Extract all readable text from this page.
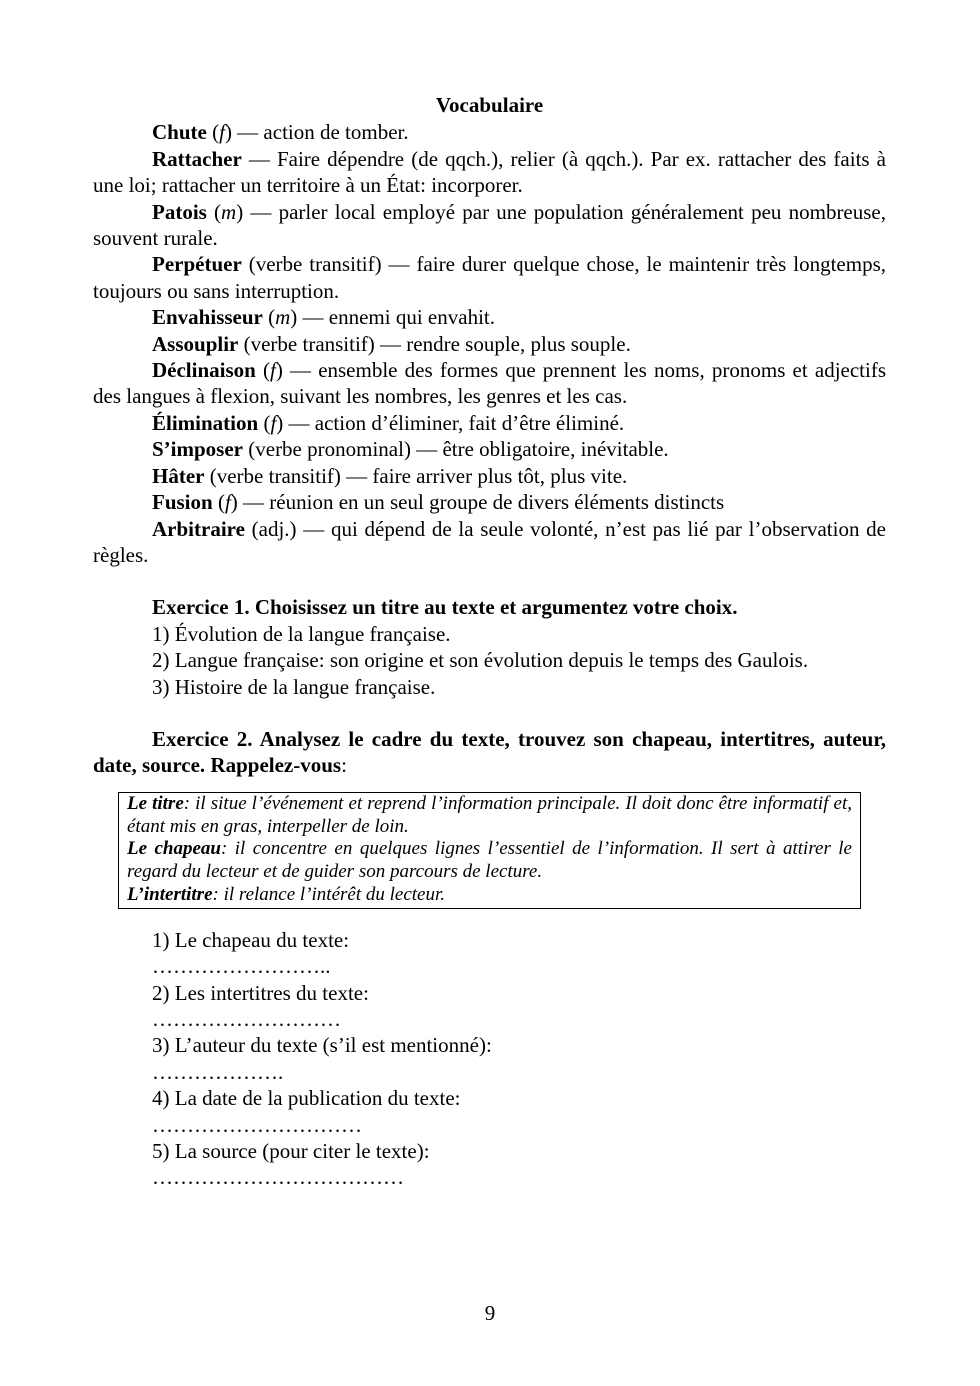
Vocabulaire

Chute (f) — action de tomber.

Rattacher — Faire dépendre (de qqch.), relier (à qqch.). Par ex. rattacher des faits à une loi; rattacher un territoire à un État: incorporer.

Patois (m) — parler local employé par une population généralement peu nombreuse, souvent rurale.

Perpétuer (verbe transitif) — faire durer quelque chose, le maintenir très longtemps, toujours ou sans interruption.

Envahisseur (m) — ennemi qui envahit.

Assouplir (verbe transitif) — rendre souple, plus souple.

Déclinaison (f) — ensemble des formes que prennent les noms, pronoms et adjectifs des langues à flexion, suivant les nombres, les genres et les cas.

Élimination (f) — action d’éliminer, fait d’être éliminé.

S’imposer (verbe pronominal) — être obligatoire, inévitable.

Hâter (verbe transitif) — faire arriver plus tôt, plus vite.

Fusion (f) — réunion en un seul groupe de divers éléments distincts

Arbitraire (adj.) — qui dépend de la seule volonté, n’est pas lié par l’observation de règles.

Exercice 1. Choisissez un titre au texte et argumentez votre choix.

1) Évolution de la langue française.

2) Langue française: son origine et son évolution depuis le temps des Gaulois.

3) Histoire de la langue française.

Exercice 2. Analysez le cadre du texte, trouvez son chapeau, intertitres, auteur, date, source. Rappelez-vous:

Le titre: il situe l’événement et reprend l’information principale. Il doit donc être informatif et, étant mis en gras, interpeller de loin.

Le chapeau: il concentre en quelques lignes l’essentiel de l’information. Il sert à attirer le regard du lecteur et de guider son parcours de lecture.

L’intertitre: il relance l’intérêt du lecteur.

1) Le chapeau du texte:

……………………..

2) Les intertitres du texte:

………………………

3) L’auteur du texte (s’il est mentionné):

……………….

4) La date de la publication du texte:

…………………………

5) La source (pour citer le texte):

………………………………

9
